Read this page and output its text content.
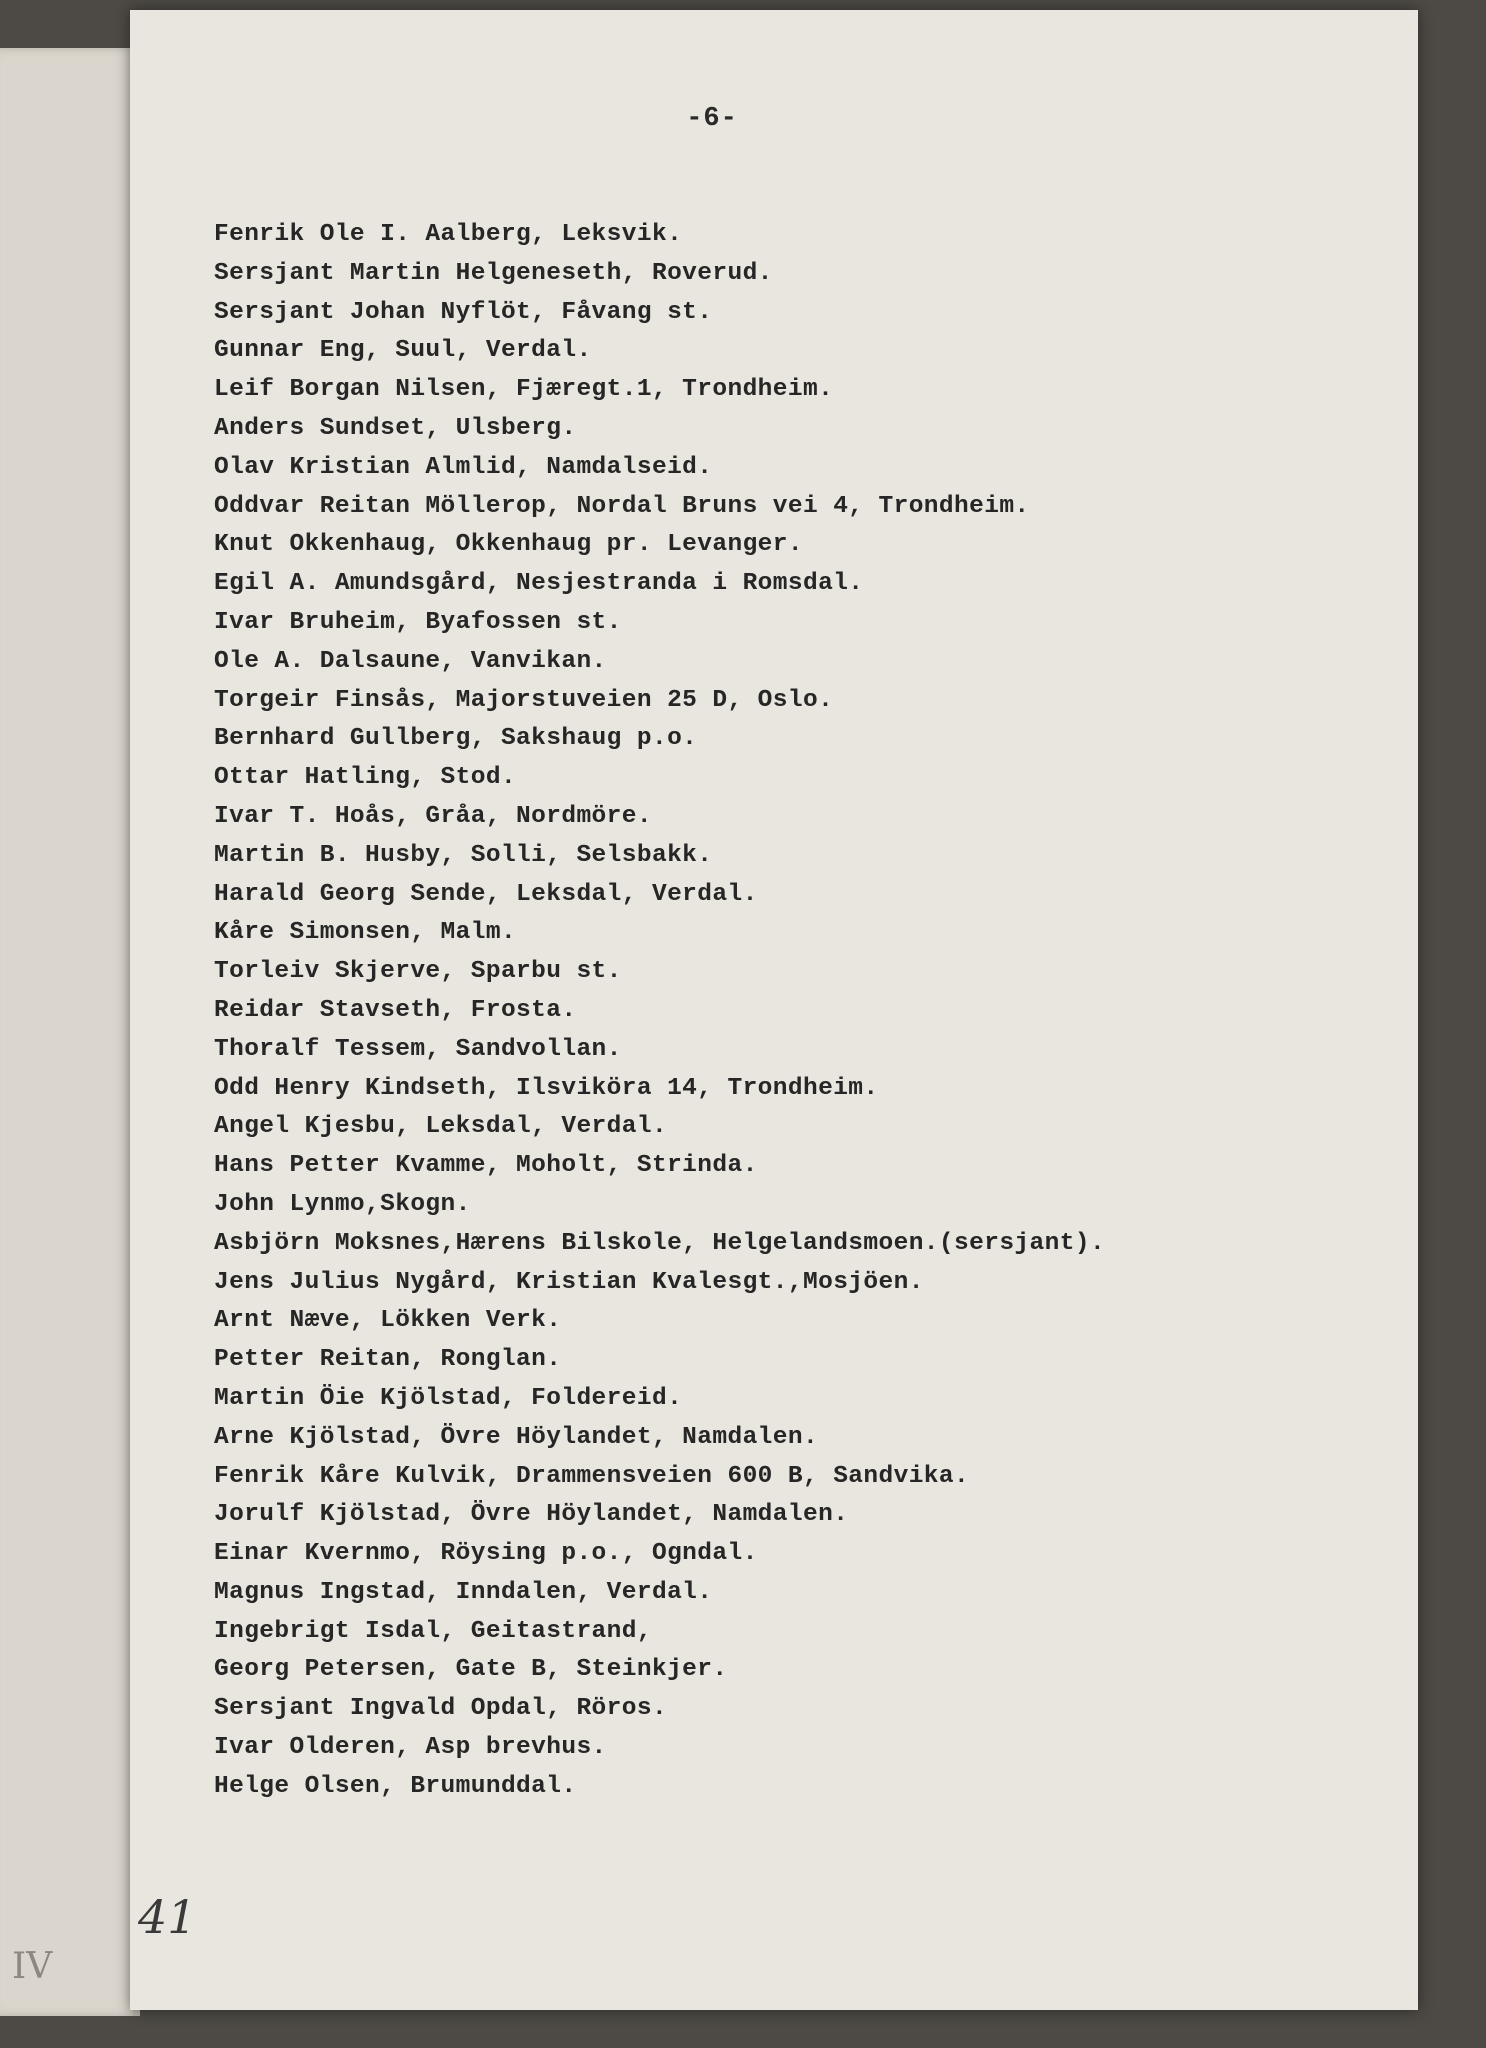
IV
-6-
Fenrik Ole I. Aalberg, Leksvik.
Sersjant Martin Helgeneseth, Roverud.
Sersjant Johan Nyflöt, Fåvang st.
Gunnar Eng, Suul, Verdal.
Leif Borgan Nilsen, Fjæregt.1, Trondheim.
Anders Sundset, Ulsberg.
Olav Kristian Almlid, Namdalseid.
Oddvar Reitan Möllerop, Nordal Bruns vei 4, Trondheim.
Knut Okkenhaug, Okkenhaug pr. Levanger.
Egil A. Amundsgård, Nesjestranda i Romsdal.
Ivar Bruheim, Byafossen st.
Ole A. Dalsaune, Vanvikan.
Torgeir Finsås, Majorstuveien 25 D, Oslo.
Bernhard Gullberg, Sakshaug p.o.
Ottar Hatling, Stod.
Ivar T. Hoås, Gråa, Nordmöre.
Martin B. Husby, Solli, Selsbakk.
Harald Georg Sende, Leksdal, Verdal.
Kåre Simonsen, Malm.
Torleiv Skjerve, Sparbu st.
Reidar Stavseth, Frosta.
Thoralf Tessem, Sandvollan.
Odd Henry Kindseth, Ilsviköra 14, Trondheim.
Angel Kjesbu, Leksdal, Verdal.
Hans Petter Kvamme, Moholt, Strinda.
John Lynmo,Skogn.
Asbjörn Moksnes,Hærens Bilskole, Helgelandsmoen.(sersjant).
Jens Julius Nygård, Kristian Kvalesgt.,Mosjöen.
Arnt Næve, Lökken Verk.
Petter Reitan, Ronglan.
Martin Öie Kjölstad, Foldereid.
Arne Kjölstad, Övre Höylandet, Namdalen.
Fenrik Kåre Kulvik, Drammensveien 600 B, Sandvika.
Jorulf Kjölstad, Övre Höylandet, Namdalen.
Einar Kvernmo, Röysing p.o., Ogndal.
Magnus Ingstad, Inndalen, Verdal.
Ingebrigt Isdal, Geitastrand,
Georg Petersen, Gate B, Steinkjer.
Sersjant Ingvald Opdal, Röros.
Ivar Olderen, Asp brevhus.
Helge Olsen, Brumunddal.
41
